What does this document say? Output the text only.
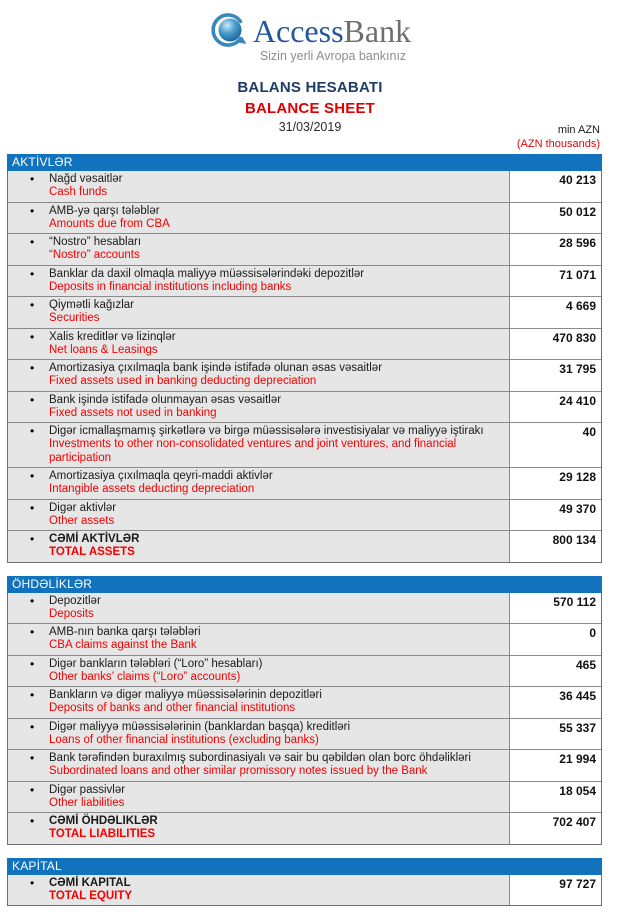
AccessBank
Sizin yerli Avropa bankınız
BALANS HESABATI
BALANCE SHEET
31/03/2019	min AZN
(AZN thousands)
AKTİVLƏR
•	Nağd vəsaitlər
Cash funds
40 213
•	AMB-yə qarşı tələblər
Amounts due from CBA
50 012
•	“Nostro” hesabları
“Nostro” accounts
28 596
•	Banklar da daxil olmaqla maliyyə müəssisələrindəki depozitlər
Deposits in financial institutions including banks
71 071
•	Qiymətli kağızlar
Securities
4 669
•	Xalis kreditlər və lizinqlər
Net loans & Leasings
470 830
•	Amortizasiya çıxılmaqla bank işində istifadə olunan əsas vəsaitlər
Fixed assets used in banking deducting depreciation
31 795
•	Bank işində istifadə olunmayan əsas vəsaitlər
Fixed assets not used in banking
24 410
•	Digər icmallaşmamış şirkətlərə və birgə müəssisələrə investisiyalar və maliyyə iştirakı
Investments to other non-consolidated ventures and joint ventures, and financial participation
40
•	Amortizasiya çıxılmaqla qeyri-maddi aktivlər
Intangible assets deducting depreciation
29 128
•	Digər aktivlər
Other assets
49 370
•	CƏMİ AKTİVLƏR
TOTAL ASSETS
800 134
ÖHDƏLİKLƏR
•	Depozitlər
Deposits
570 112
•	AMB-nın banka qarşı tələbləri
CBA claims against the Bank
0
•	Digər bankların tələbləri (“Loro” hesabları)
Other banks’ claims (“Loro” accounts)
465
•	Bankların və digər maliyyə müəssisələrinin depozitləri
Deposits of banks and other financial institutions
36 445
•	Digər maliyyə müəssisələrinin (banklardan başqa) kreditləri
Loans of other financial institutions (excluding banks)
55 337
•	Bank tərəfindən buraxılmış subordinasiyalı və sair bu qəbildən olan borc öhdəlikləri
Subordinated loans and other similar promissory notes issued by the Bank
21 994
•	Digər passivlər
Other liabilities
18 054
•	CƏMİ ÖHDƏLIKLƏR
TOTAL LIABILITIES
702 407
KAPİTAL
•	CƏMİ KAPITAL
TOTAL EQUITY
97 727
